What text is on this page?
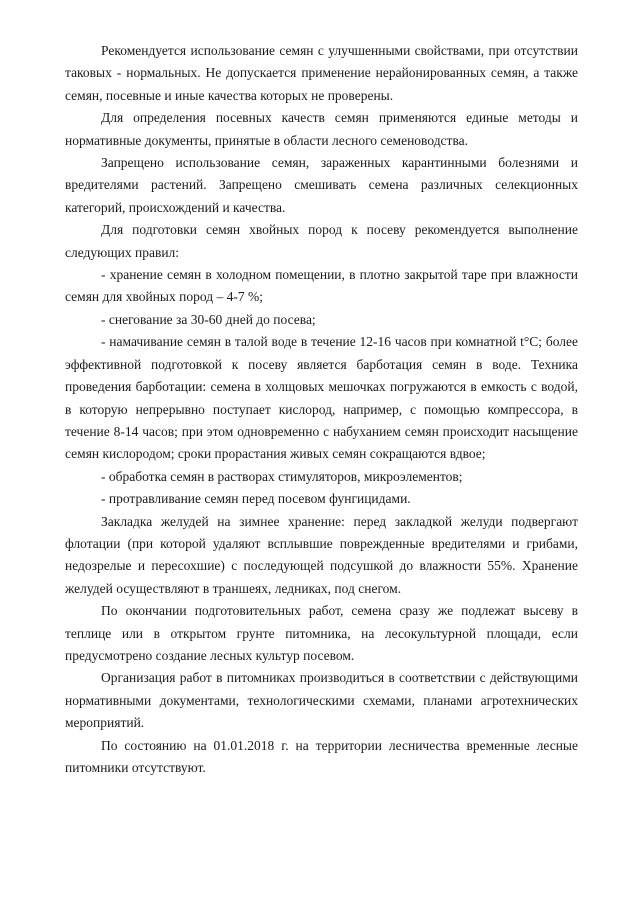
Рекомендуется использование семян с улучшенными свойствами, при отсутствии таковых - нормальных. Не допускается применение нерайонированных семян, а также семян, посевные и иные качества которых не проверены.

Для определения посевных качеств семян применяются единые методы и нормативные документы, принятые в области лесного семеноводства.

Запрещено использование семян, зараженных карантинными болезнями и вредителями растений. Запрещено смешивать семена различных селекционных категорий, происхождений и качества.

Для подготовки семян хвойных пород к посеву рекомендуется выполнение следующих правил:

- хранение семян в холодном помещении, в плотно закрытой таре при влажности семян для хвойных пород – 4-7 %;

- снегование за 30-60 дней до посева;

- намачивание семян в талой воде в течение 12-16 часов при комнатной t°С; более эффективной подготовкой к посеву является барботация семян в воде. Техника проведения барботации: семена в холщовых мешочках погружаются в емкость с водой, в которую непрерывно поступает кислород, например, с помощью компрессора, в течение 8-14 часов; при этом одновременно с набуханием семян происходит насыщение семян кислородом; сроки прорастания живых семян сокращаются вдвое;

- обработка семян в растворах стимуляторов, микроэлементов;

- протравливание семян перед посевом фунгицидами.

Закладка желудей на зимнее хранение: перед закладкой желуди подвергают флотации (при которой удаляют всплывшие поврежденные вредителями и грибами, недозрелые и пересохшие) с последующей подсушкой до влажности 55%. Хранение желудей осуществляют в траншеях, ледниках, под снегом.

По окончании подготовительных работ, семена сразу же подлежат высеву в теплице или в открытом грунте питомника, на лесокультурной площади, если предусмотрено создание лесных культур посевом.

Организация работ в питомниках производиться в соответствии с действующими нормативными документами, технологическими схемами, планами агротехнических мероприятий.

По состоянию на 01.01.2018 г. на территории лесничества временные лесные питомники отсутствуют.
